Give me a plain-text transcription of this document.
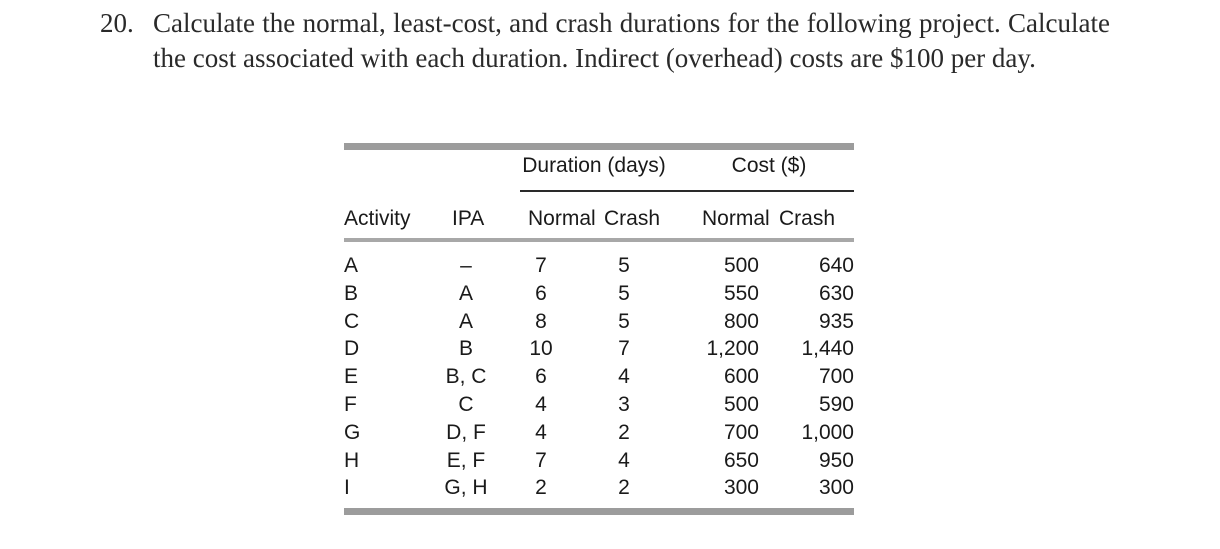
20. Calculate the normal, least-cost, and crash durations for the following project. Calculate the cost associated with each duration. Indirect (overhead) costs are $100 per day.
Duration (days)	Cost ($)
Activity IPA Normal Crash Normal Crash
A	–	7	5	500	640
B	A	6	5	550	630
C	A	8	5	800	935
D	B	10	7	1,200	1,440
E	B, C	6	4	600	700
F	C	4	3	500	590
G	D, F	4	2	700	1,000
H	E, F	7	4	650	950
I	G, H	2	2	300	300
